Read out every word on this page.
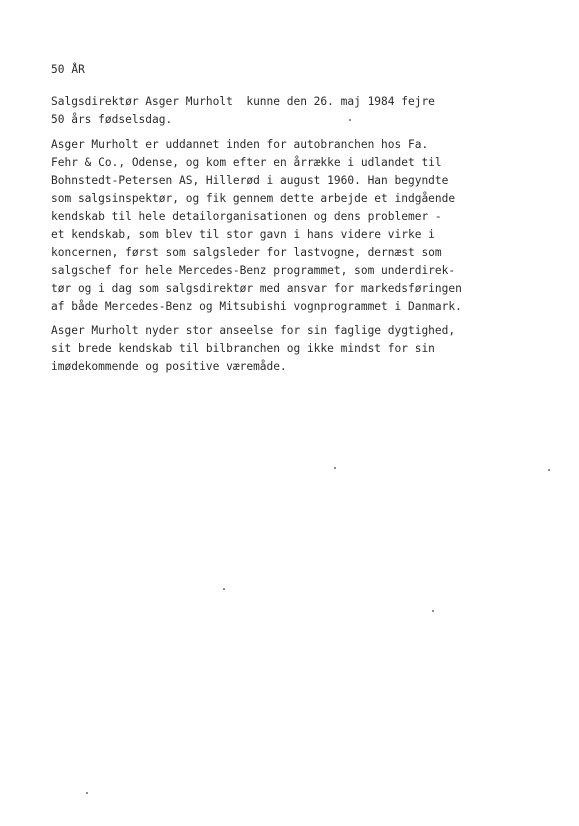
50 ÅR

Salgsdirektør Asger Murholt  kunne den 26. maj 1984 fejre
50 års fødselsdag.
Asger Murholt er uddannet inden for autobranchen hos Fa.
Fehr & Co., Odense, og kom efter en årrække i udlandet til
Bohnstedt-Petersen AS, Hillerød i august 1960. Han begyndte
som salgsinspektør, og fik gennem dette arbejde et indgående
kendskab til hele detailorganisationen og dens problemer -
et kendskab, som blev til stor gavn i hans videre virke i
koncernen, først som salgsleder for lastvogne, dernæst som
salgschef for hele Mercedes-Benz programmet, som underdirek-
tør og i dag som salgsdirektør med ansvar for markedsføringen
af både Mercedes-Benz og Mitsubishi vognprogrammet i Danmark.
Asger Murholt nyder stor anseelse for sin faglige dygtighed,
sit brede kendskab til bilbranchen og ikke mindst for sin
imødekommende og positive væremåde.
